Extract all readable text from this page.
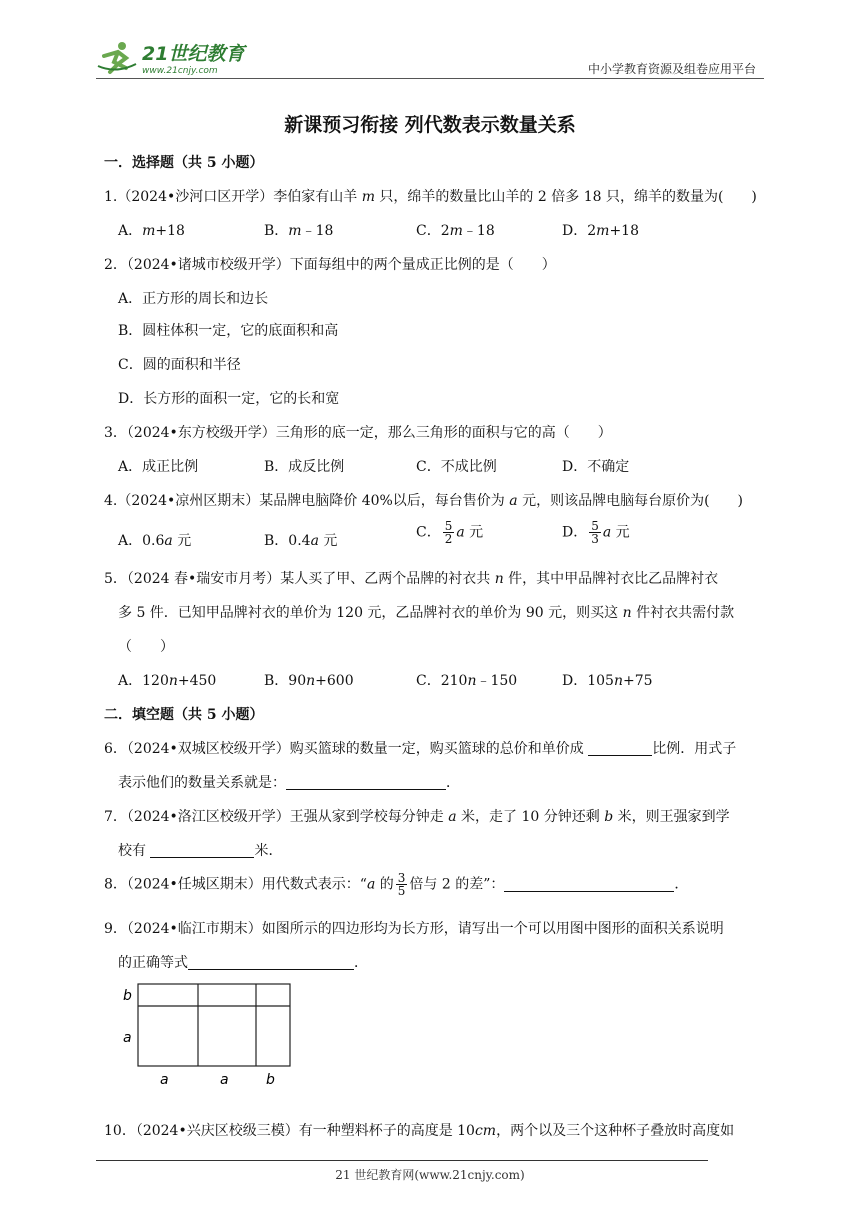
21世纪教育
www.21cnjy.com	中小学教育资源及组卷应用平台
新课预习衔接 列代数表示数量关系
一．选择题（共 5 小题）
1.（2024•沙河口区开学）李伯家有山羊 m 只，绵羊的数量比山羊的 2 倍多 18 只，绵羊的数量为(　　)
A．m+18	B．m﹣18	C．2m﹣18	D．2m+18
2．（2024•诸城市校级开学）下面每组中的两个量成正比例的是（　　）
A．正方形的周长和边长
B．圆柱体积一定，它的底面积和高
C．圆的面积和半径
D．长方形的面积一定，它的长和宽
3．（2024•东方校级开学）三角形的底一定，那么三角形的面积与它的高（　　）
A．成正比例	B．成反比例	C．不成比例	D．不确定
4.（2024•凉州区期末）某品牌电脑降价 40%以后，每台售价为 a 元，则该品牌电脑每台原价为(　　)
A．0.6a 元	B．0.4a 元
C． $\frac{5}{2}$ a 元	D． $\frac{5}{3}$ a 元
5．（2024 春•瑞安市月考）某人买了甲、乙两个品牌的衬衣共 n 件，其中甲品牌衬衣比乙品牌衬衣
多 5 件．已知甲品牌衬衣的单价为 120 元，乙品牌衬衣的单价为 90 元，则买这 n 件衬衣共需付款
（　　）
A．120n+450	B．90n+600	C．210n﹣150	D．105n+75
二．填空题（共 5 小题）
6．（2024•双城区校级开学）购买篮球的数量一定，购买篮球的总价和单价成	比例．用式子
表示他们的数量关系就是：	．
7．（2024•洛江区校级开学）王强从家到学校每分钟走 a 米，走了 10 分钟还剩 b 米，则王强家到学
校有	米．
8．（2024•任城区期末）用代数式表示：“a 的 $\frac{3}{5}$ 倍与 2 的差”：	．
9．（2024•临江市期末）如图所示的四边形均为长方形，请写出一个可以用图中图形的面积关系说明
的正确等式	．
b
a
a	a	b
10．（2024•兴庆区校级三模）有一种塑料杯子的高度是 10cm，两个以及三个这种杯子叠放时高度如
21 世纪教育网(www.21cnjy.com)
